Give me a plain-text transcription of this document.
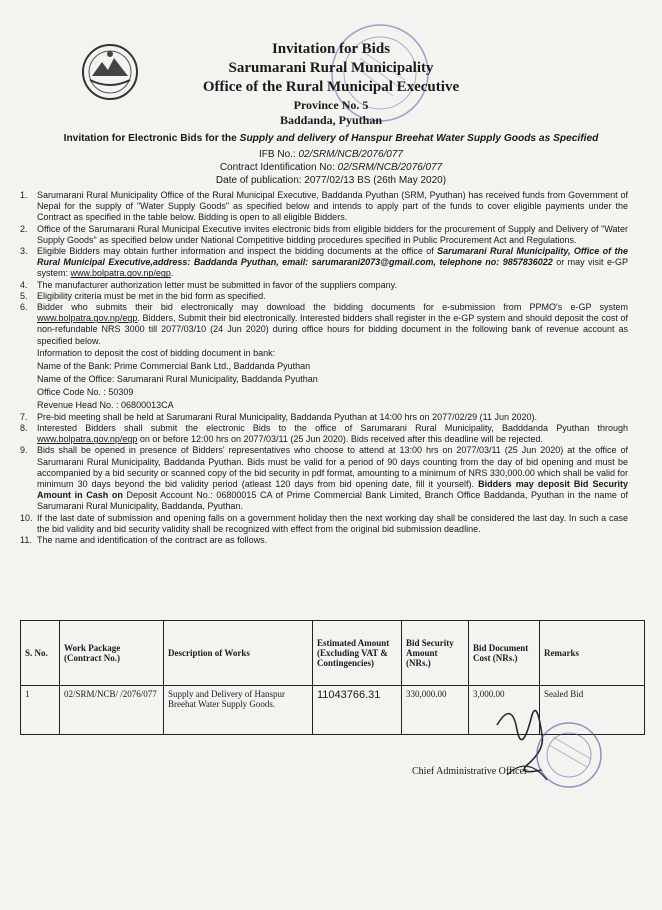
Invitation for Bids
Sarumarani Rural Municipality
Office of the Rural Municipal Executive
Province No. 5
Baddanda, Pyuthan
Invitation for Electronic Bids for the Supply and delivery of Hanspur Breehat Water Supply Goods as Specified
IFB No.: 02/SRM/NCB/2076/077
Contract Identification No: 02/SRM/NCB/2076/077
Date of publication: 2077/02/13 BS (26th May 2020)
1.	Sarumarani Rural Municipality Office of the Rural Municipal Executive, Baddanda Pyuthan (SRM, Pyuthan) has received funds from Government of Nepal for the supply of "Water Supply Goods" as specified below and intends to apply part of the funds to cover eligible payments under the Contract as specified in the table below. Bidding is open to all eligible Bidders.
2.	Office of the Sarumarani Rural Municipal Executive invites electronic bids from eligible bidders for the procurement of Supply and Delivery of "Water Supply Goods" as specified below under National Competitive bidding procedures specified in Public Procurement Act and Regulations.
3.	Eligible Bidders may obtain further information and inspect the bidding documents at the office of Sarumarani Rural Municipality, Office of the Rural Municipal Executive,address: Baddanda Pyuthan, email: sarumarani2073@gmail.com, telephone no: 9857836022 or may visit e-GP system: www.bolpatra.gov.np/egp.
4.	The manufacturer authorization letter must be submitted in favor of the suppliers company.
5.	Eligibility criteria must be met in the bid form as specified.
6.	Bidder who submits their bid electronically may download the bidding documents for e-submission from PPMO's e-GP system www.bolpatra.gov.np/egp. Bidders, Submit their bid electronically. Interested bidders shall register in the e-GP system and should deposit the cost of non-refundable NRS 3000 till 2077/03/10 (24 Jun 2020) during office hours for bidding document in the following bank of revenue account as specified below.
Information to deposit the cost of bidding document in bank:
Name of the Bank: Prime Commercial Bank Ltd., Baddanda Pyuthan
Name of the Office: Sarumarani Rural Municipality, Baddanda Pyuthan
Office Code No. : 50309
Revenue Head No. : 06800013CA
7.	Pre-bid meeting shall be held at Sarumarani Rural Municipality, Baddanda Pyuthan at 14:00 hrs on 2077/02/29 (11 Jun 2020).
8.	Interested Bidders shall submit the electronic Bids to the office of Sarumarani Rural Municipality, Badddanda Pyuthan through www.bolpatra.gov.np/egp on or before 12:00 hrs on 2077/03/11 (25 Jun 2020). Bids received after this deadline will be rejected.
9.	Bids shall be opened in presence of Bidders' representatives who choose to attend at 13:00 hrs on 2077/03/11 (25 Jun 2020) at the office of Sarumarani Rural Municipality, Baddanda Pyuthan. Bids must be valid for a period of 90 days counting from the day of bid opening and must be accompanied by a bid security or scanned copy of the bid security in pdf format, amounting to a minimum of NRS 330,000.00 which shall be valid for minimum 30 days beyond the bid validity period (atleast 120 days from bid opening date, fill it yourself). Bidders may deposit Bid Security Amount in Cash on Deposit Account No.: 06800015 CA of Prime Commercial Bank Limited, Branch Office Baddanda, Pyuthan in the name of Sarumarani Rural Municipality, Baddanda, Pyuthan.
10. If the last date of submission and opening falls on a government holiday then the next working day shall be considered the last day. In such a case the bid validity and bid security validity shall be recognized with effect from the original bid submission deadline.
11. The name and identification of the contract are as follows.
S. No.	Work Package (Contract No.)	Description of Works	Estimated Amount (Excluding VAT & Contingencies)	Bid Security Amount (NRs.)	Bid Document Cost (NRs.)	Remarks
1	02/SRM/NCB/ /2076/077	Supply and Delivery of Hanspur Breehat Water Supply Goods.	11043766.31	330,000.00	3,000.00	Sealed Bid
Chief Administrative Officer
